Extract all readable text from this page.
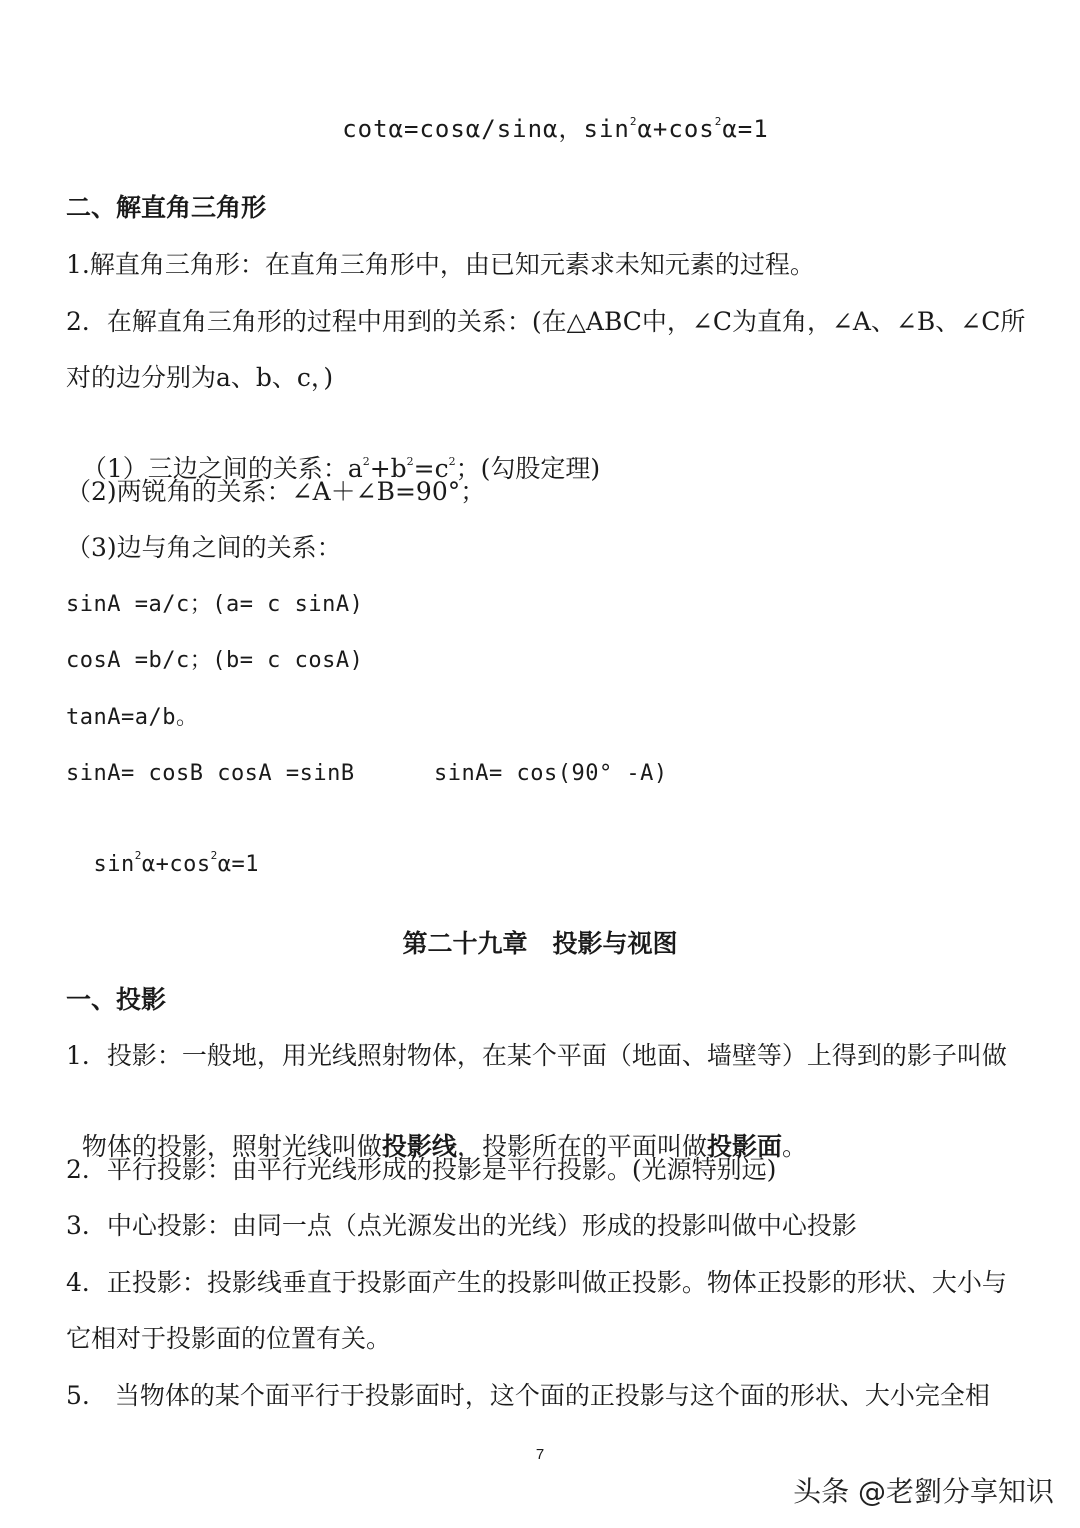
cotα=cosα/sinα，$\sin^2\alpha+\cos^2\alpha=1$

二、解直角三角形
1.解直角三角形：在直角三角形中，由已知元素求未知元素的过程。
2．在解直角三角形的过程中用到的关系：(在△ABC中，∠C为直角，∠A、∠B、∠C所
对的边分别为a、b、c，)

（1）三边之间的关系：$a^2+b^2=c^2$；(勾股定理)

（2)两锐角的关系：∠A＋∠B=90°；
（3)边与角之间的关系：
sinA =a/c；(a= c sinA)
cosA =b/c；(b= c cosA)
tanA=a/b。
sinA= cosB cosA =sinB	sinA= cos(90° -A)

$\sin^2\alpha+\cos^2\alpha=1$

第二十九章　投影与视图
一、投影
1．投影：一般地，用光线照射物体，在某个平面（地面、墙壁等）上得到的影子叫做

物体的投影，照射光线叫做投影线，投影所在的平面叫做投影面。

2．平行投影：由平行光线形成的投影是平行投影。(光源特别远)
3．中心投影：由同一点（点光源发出的光线）形成的投影叫做中心投影
4．正投影：投影线垂直于投影面产生的投影叫做正投影。物体正投影的形状、大小与
它相对于投影面的位置有关。
5.　当物体的某个面平行于投影面时，这个面的正投影与这个面的形状、大小完全相
7
头条 @老劉分享知识
